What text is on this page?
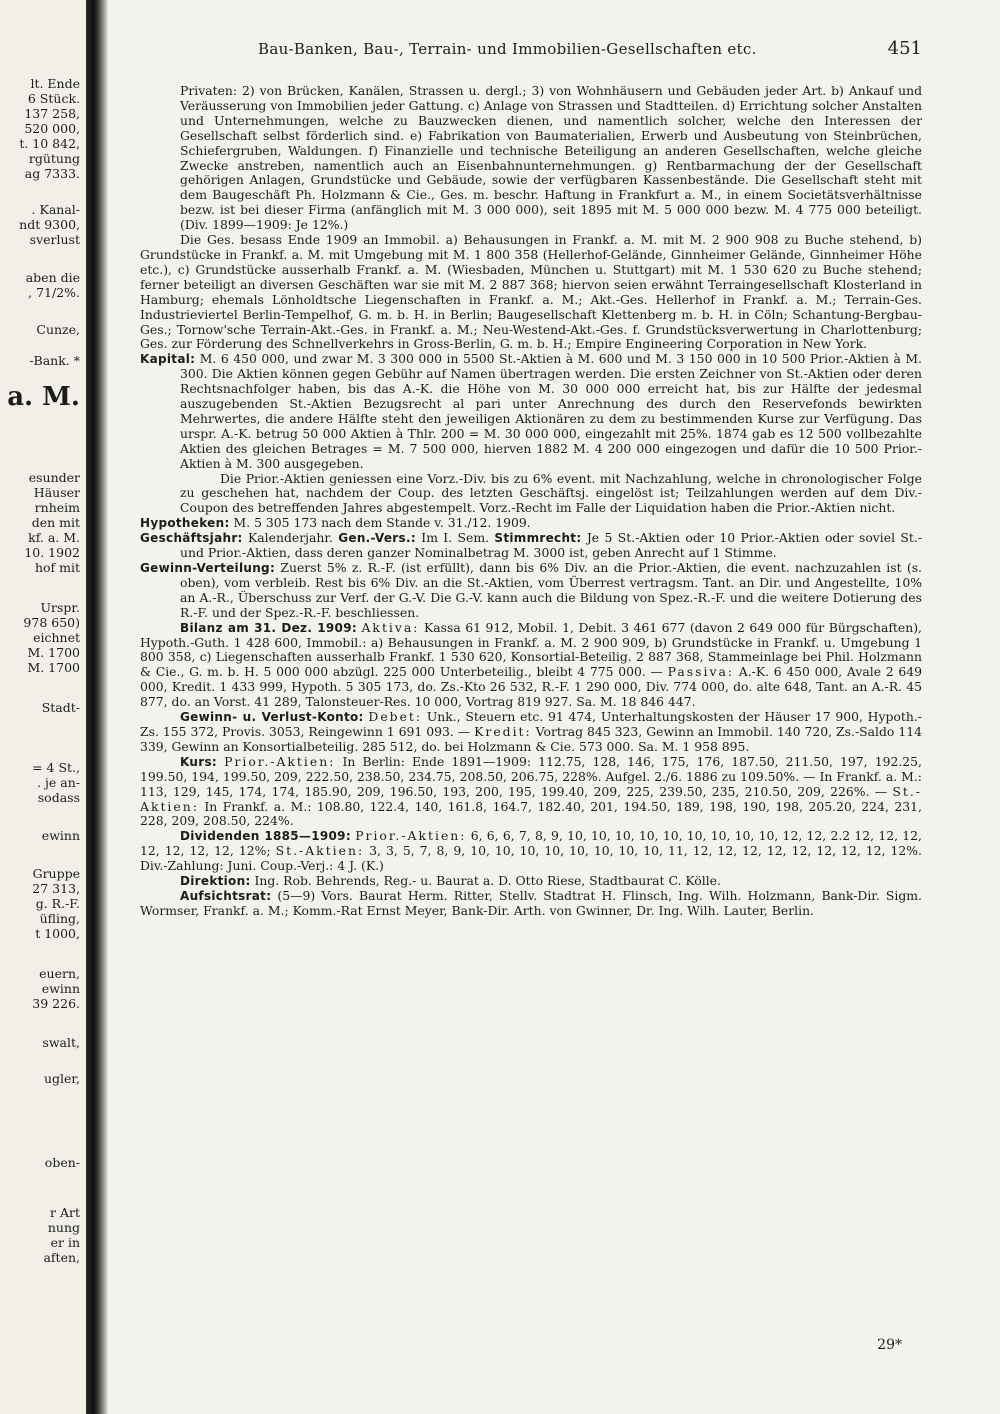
lt. Ende
6 Stück.
137 258,
520 000,
t. 10 842,
rgütung
ag 7333.
. Kanal-
ndt 9300,
sverlust
aben die
, 71/2%.
Cunze,
-Bank. *
a. M.
esunder
Häuser
rnheim
den mit
kf. a. M.
10. 1902
hof mit
Urspr.
978 650)
eichnet
M. 1700
M. 1700
Stadt-
= 4 St.,
. je an-
sodass
ewinn
Gruppe
27 313,
g. R.-F.
üfling,
t 1000,
euern,
ewinn
39 226.
swalt,
ugler,
oben-
r Art
nung
er in
aften,
Bau-Banken, Bau-, Terrain- und Immobilien-Gesellschaften etc.	451

Privaten: 2) von Brücken, Kanälen, Strassen u. dergl.; 3) von Wohnhäusern und Gebäuden jeder Art. b) Ankauf und Veräusserung von Immobilien jeder Gattung. c) Anlage von Strassen und Stadtteilen. d) Errichtung solcher Anstalten und Unternehmungen, welche zu Bauzwecken dienen, und namentlich solcher, welche den Interessen der Gesellschaft selbst förderlich sind. e) Fabrikation von Baumaterialien, Erwerb und Ausbeutung von Steinbrüchen, Schiefergruben, Waldungen. f) Finanzielle und technische Beteiligung an anderen Gesellschaften, welche gleiche Zwecke anstreben, namentlich auch an Eisenbahnunternehmungen. g) Rentbarmachung der der Gesellschaft gehörigen Anlagen, Grundstücke und Gebäude, sowie der verfügbaren Kassenbestände. Die Gesellschaft steht mit dem Baugeschäft Ph. Holzmann & Cie., Ges. m. beschr. Haftung in Frankfurt a. M., in einem Societätsverhältnisse bezw. ist bei dieser Firma (anfänglich mit M. 3 000 000), seit 1895 mit M. 5 000 000 bezw. M. 4 775 000 beteiligt. (Div. 1899—1909: Je 12%.)

Die Ges. besass Ende 1909 an Immobil. a) Behausungen in Frankf. a. M. mit M. 2 900 908 zu Buche stehend, b) Grundstücke in Frankf. a. M. mit Umgebung mit M. 1 800 358 (Hellerhof-Gelände, Ginnheimer Gelände, Ginnheimer Höhe etc.), c) Grundstücke ausserhalb Frankf. a. M. (Wiesbaden, München u. Stuttgart) mit M. 1 530 620 zu Buche stehend; ferner beteiligt an diversen Geschäften war sie mit M. 2 887 368; hiervon seien erwähnt Terraingesellschaft Klosterland in Hamburg; ehemals Lönholdtsche Liegenschaften in Frankf. a. M.; Akt.-Ges. Hellerhof in Frankf. a. M.; Terrain-Ges. Industrieviertel Berlin-Tempelhof, G. m. b. H. in Berlin; Baugesellschaft Klettenberg m. b. H. in Cöln; Schantung-Bergbau-Ges.; Tornow'sche Terrain-Akt.-Ges. in Frankf. a. M.; Neu-Westend-Akt.-Ges. f. Grundstücksverwertung in Charlottenburg; Ges. zur Förderung des Schnellverkehrs in Gross-Berlin, G. m. b. H.; Empire Engineering Corporation in New York.

Kapital: M. 6 450 000, und zwar M. 3 300 000 in 5500 St.-Aktien à M. 600 und M. 3 150 000 in 10 500 Prior.-Aktien à M. 300. Die Aktien können gegen Gebühr auf Namen übertragen werden. Die ersten Zeichner von St.-Aktien oder deren Rechtsnachfolger haben, bis das A.-K. die Höhe von M. 30 000 000 erreicht hat, bis zur Hälfte der jedesmal auszugebenden St.-Aktien Bezugsrecht al pari unter Anrechnung des durch den Reservefonds bewirkten Mehrwertes, die andere Hälfte steht den jeweiligen Aktionären zu dem zu bestimmenden Kurse zur Verfügung. Das urspr. A.-K. betrug 50 000 Aktien à Thlr. 200 = M. 30 000 000, eingezahlt mit 25%. 1874 gab es 12 500 vollbezahlte Aktien des gleichen Betrages = M. 7 500 000, hierven 1882 M. 4 200 000 eingezogen und dafür die 10 500 Prior.-Aktien à M. 300 ausgegeben.

Die Prior.-Aktien geniessen eine Vorz.-Div. bis zu 6% event. mit Nachzahlung, welche in chronologischer Folge zu geschehen hat, nachdem der Coup. des letzten Geschäftsj. eingelöst ist; Teilzahlungen werden auf dem Div.-Coupon des betreffenden Jahres abgestempelt. Vorz.-Recht im Falle der Liquidation haben die Prior.-Aktien nicht.

Hypotheken: M. 5 305 173 nach dem Stande v. 31./12. 1909.

Geschäftsjahr: Kalenderjahr. Gen.-Vers.: Im I. Sem. Stimmrecht: Je 5 St.-Aktien oder 10 Prior.-Aktien oder soviel St.- und Prior.-Aktien, dass deren ganzer Nominalbetrag M. 3000 ist, geben Anrecht auf 1 Stimme.

Gewinn-Verteilung: Zuerst 5% z. R.-F. (ist erfüllt), dann bis 6% Div. an die Prior.-Aktien, die event. nachzuzahlen ist (s. oben), vom verbleib. Rest bis 6% Div. an die St.-Aktien, vom Überrest vertragsm. Tant. an Dir. und Angestellte, 10% an A.-R., Überschuss zur Verf. der G.-V. Die G.-V. kann auch die Bildung von Spez.-R.-F. und die weitere Dotierung des R.-F. und der Spez.-R.-F. beschliessen.

Bilanz am 31. Dez. 1909: Aktiva: Kassa 61 912, Mobil. 1, Debit. 3 461 677 (davon 2 649 000 für Bürgschaften), Hypoth.-Guth. 1 428 600, Immobil.: a) Behausungen in Frankf. a. M. 2 900 909, b) Grundstücke in Frankf. u. Umgebung 1 800 358, c) Liegenschaften ausserhalb Frankf. 1 530 620, Konsortial-Beteilig. 2 887 368, Stammeinlage bei Phil. Holzmann & Cie., G. m. b. H. 5 000 000 abzügl. 225 000 Unterbeteilig., bleibt 4 775 000. — Passiva: A.-K. 6 450 000, Avale 2 649 000, Kredit. 1 433 999, Hypoth. 5 305 173, do. Zs.-Kto 26 532, R.-F. 1 290 000, Div. 774 000, do. alte 648, Tant. an A.-R. 45 877, do. an Vorst. 41 289, Talonsteuer-Res. 10 000, Vortrag 819 927. Sa. M. 18 846 447.

Gewinn- u. Verlust-Konto: Debet: Unk., Steuern etc. 91 474, Unterhaltungskosten der Häuser 17 900, Hypoth.-Zs. 155 372, Provis. 3053, Reingewinn 1 691 093. — Kredit: Vortrag 845 323, Gewinn an Immobil. 140 720, Zs.-Saldo 114 339, Gewinn an Konsortialbeteilig. 285 512, do. bei Holzmann & Cie. 573 000. Sa. M. 1 958 895.

Kurs: Prior.-Aktien: In Berlin: Ende 1891—1909: 112.75, 128, 146, 175, 176, 187.50, 211.50, 197, 192.25, 199.50, 194, 199.50, 209, 222.50, 238.50, 234.75, 208.50, 206.75, 228%. Aufgel. 2./6. 1886 zu 109.50%. — In Frankf. a. M.: 113, 129, 145, 174, 174, 185.90, 209, 196.50, 193, 200, 195, 199.40, 209, 225, 239.50, 235, 210.50, 209, 226%. — St.-Aktien: In Frankf. a. M.: 108.80, 122.4, 140, 161.8, 164.7, 182.40, 201, 194.50, 189, 198, 190, 198, 205.20, 224, 231, 228, 209, 208.50, 224%.

Dividenden 1885—1909: Prior.-Aktien: 6, 6, 6, 7, 8, 9, 10, 10, 10, 10, 10, 10, 10, 10, 10, 12, 12, 2.2 12, 12, 12, 12, 12, 12, 12, 12%; St.-Aktien: 3, 3, 5, 7, 8, 9, 10, 10, 10, 10, 10, 10, 10, 10, 11, 12, 12, 12, 12, 12, 12, 12, 12, 12%. Div.-Zahlung: Juni. Coup.-Verj.: 4 J. (K.)

Direktion: Ing. Rob. Behrends, Reg.- u. Baurat a. D. Otto Riese, Stadtbaurat C. Kölle.

Aufsichtsrat: (5—9) Vors. Baurat Herm. Ritter, Stellv. Stadtrat H. Flinsch, Ing. Wilh. Holzmann, Bank-Dir. Sigm. Wormser, Frankf. a. M.; Komm.-Rat Ernst Meyer, Bank-Dir. Arth. von Gwinner, Dr. Ing. Wilh. Lauter, Berlin.

29*
